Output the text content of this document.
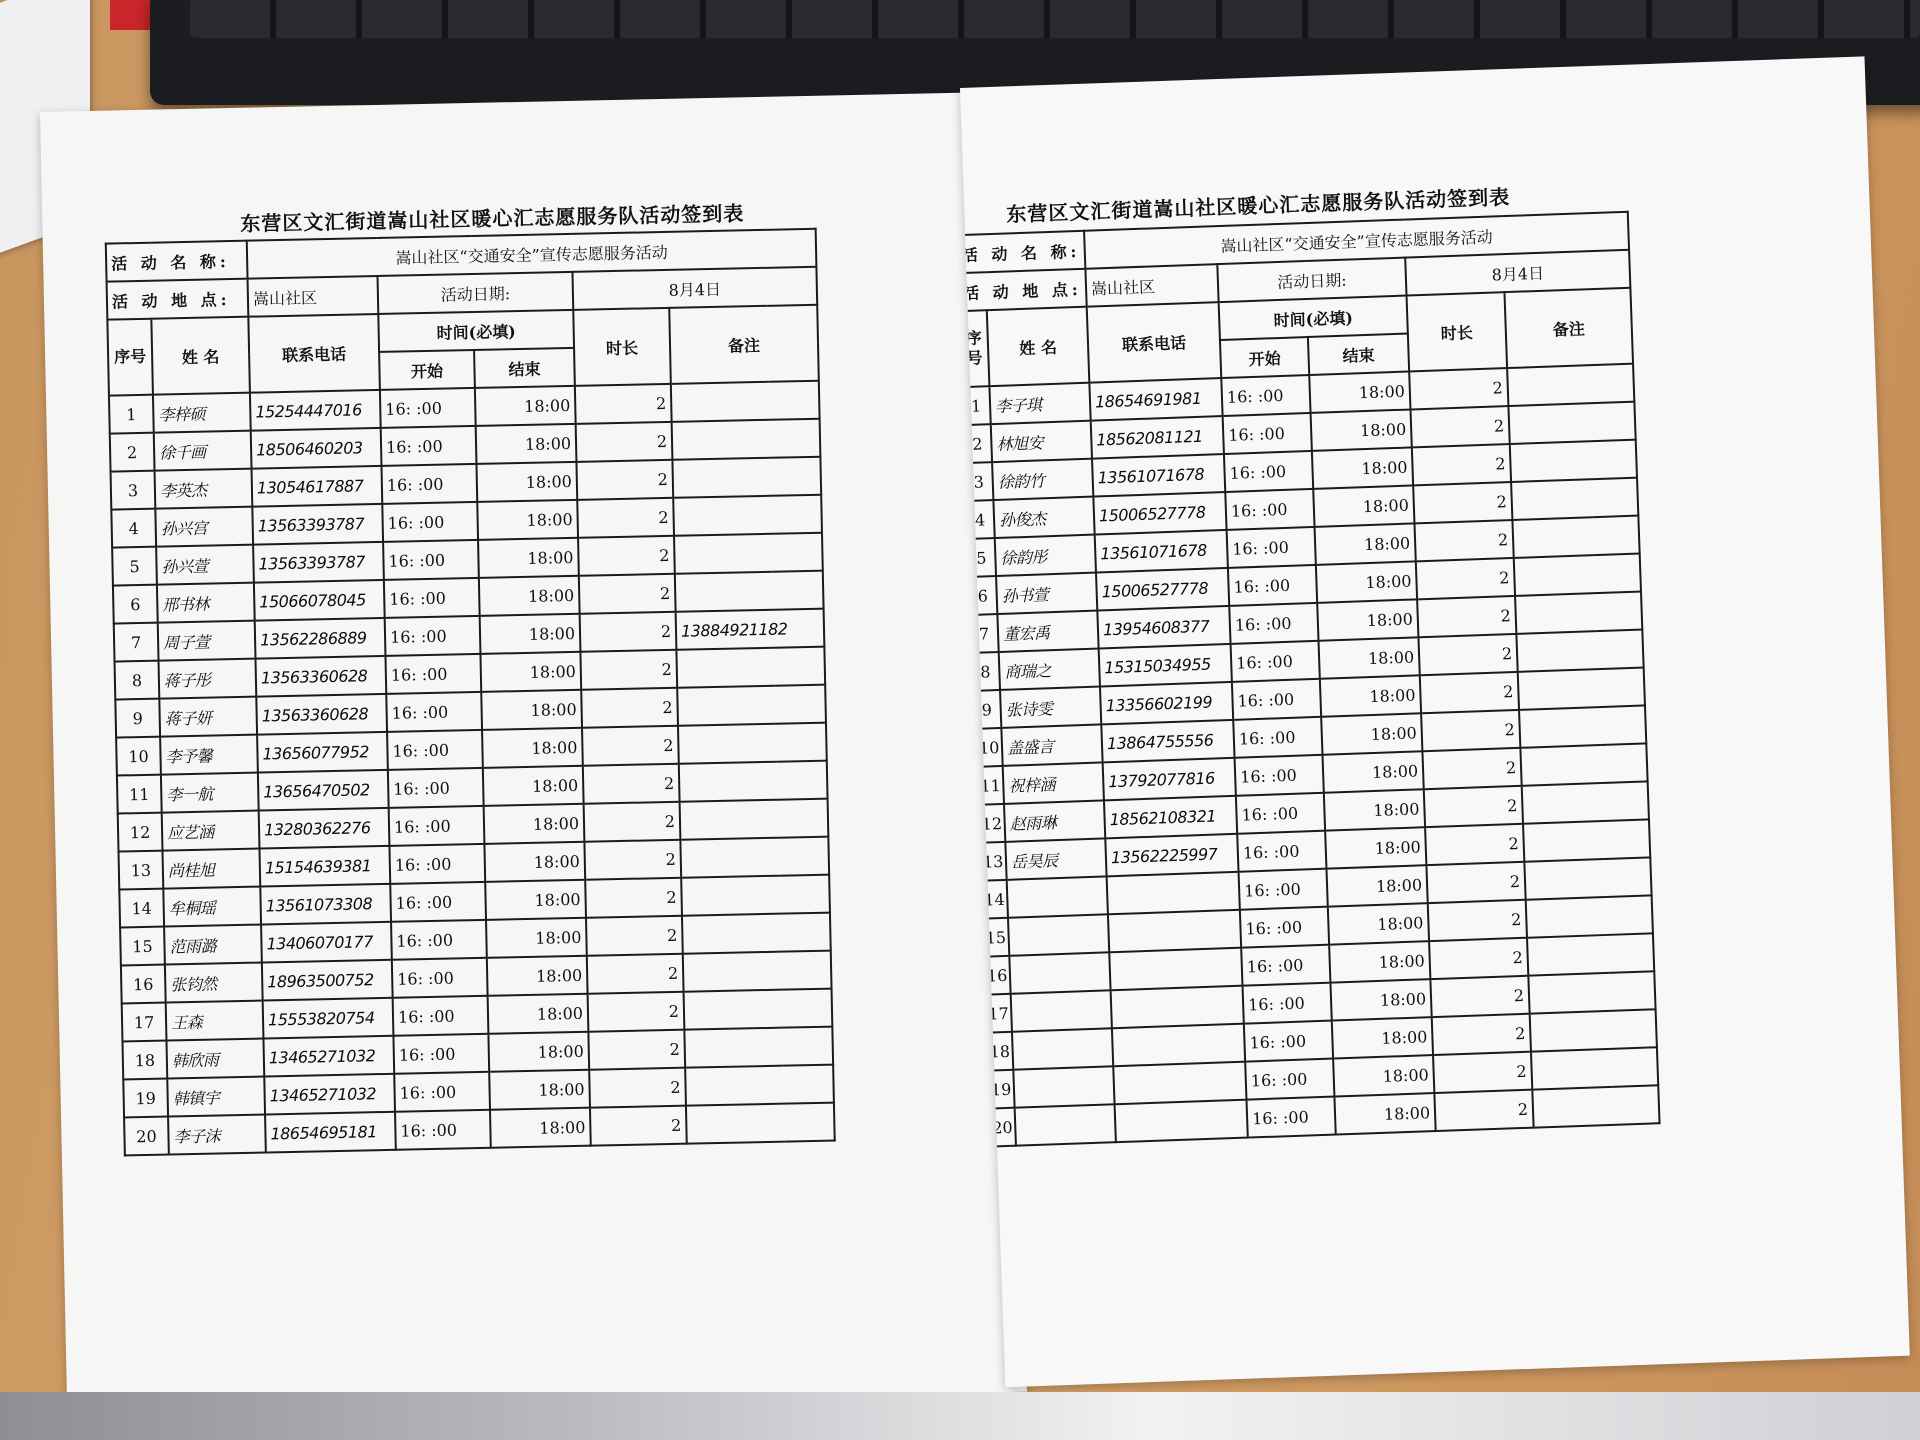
东营区文汇街道嵩山社区暖心汇志愿服务队活动签到表
活 动 名 称:		嵩山社区“交通安全”宣传志愿服务活动				
活 动 地 点:		嵩山社区	活动日期:		8月4日	
序号	姓 名	联系电话	时间(必填)		时长	备注
			开始	结束		
1	李梓硕	15254447016	16: :00	18:00	2	
2	徐千画	18506460203	16: :00	18:00	2	
3	李英杰	13054617887	16: :00	18:00	2	
4	孙兴宫	13563393787	16: :00	18:00	2	
5	孙兴萱	13563393787	16: :00	18:00	2	
6	邢书林	15066078045	16: :00	18:00	2	
7	周子萱	13562286889	16: :00	18:00	2	13884921182
8	蒋子彤	13563360628	16: :00	18:00	2	
9	蒋子妍	13563360628	16: :00	18:00	2	
10	李予馨	13656077952	16: :00	18:00	2	
11	李一航	13656470502	16: :00	18:00	2	
12	应艺涵	13280362276	16: :00	18:00	2	
13	尚桂旭	15154639381	16: :00	18:00	2	
14	牟桐瑶	13561073308	16: :00	18:00	2	
15	范雨潞	13406070177	16: :00	18:00	2	
16	张钧然	18963500752	16: :00	18:00	2	
17	王森	15553820754	16: :00	18:00	2	
18	韩欣雨	13465271032	16: :00	18:00	2	
19	韩镇宇	13465271032	16: :00	18:00	2	
20	李子沫	18654695181	16: :00	18:00	2	
东营区文汇街道嵩山社区暖心汇志愿服务队活动签到表
活 动 名 称:		嵩山社区“交通安全”宣传志愿服务活动				
活 动 地 点:		嵩山社区	活动日期:		8月4日	
序号	姓 名	联系电话	时间(必填)		时长	备注
			开始	结束		
1	李子琪	18654691981	16: :00	18:00	2	
2	林旭安	18562081121	16: :00	18:00	2	
3	徐韵竹	13561071678	16: :00	18:00	2	
4	孙俊杰	15006527778	16: :00	18:00	2	
5	徐韵彤	13561071678	16: :00	18:00	2	
6	孙书萱	15006527778	16: :00	18:00	2	
7	董宏禹	13954608377	16: :00	18:00	2	
8	商瑞之	15315034955	16: :00	18:00	2	
9	张诗雯	13356602199	16: :00	18:00	2	
10	盖盛言	13864755556	16: :00	18:00	2	
11	祝梓涵	13792077816	16: :00	18:00	2	
12	赵雨琳	18562108321	16: :00	18:00	2	
13	岳昊辰	13562225997	16: :00	18:00	2	
14			16: :00	18:00	2	
15			16: :00	18:00	2	
16			16: :00	18:00	2	
17			16: :00	18:00	2	
18			16: :00	18:00	2	
19			16: :00	18:00	2	
20			16: :00	18:00	2	
